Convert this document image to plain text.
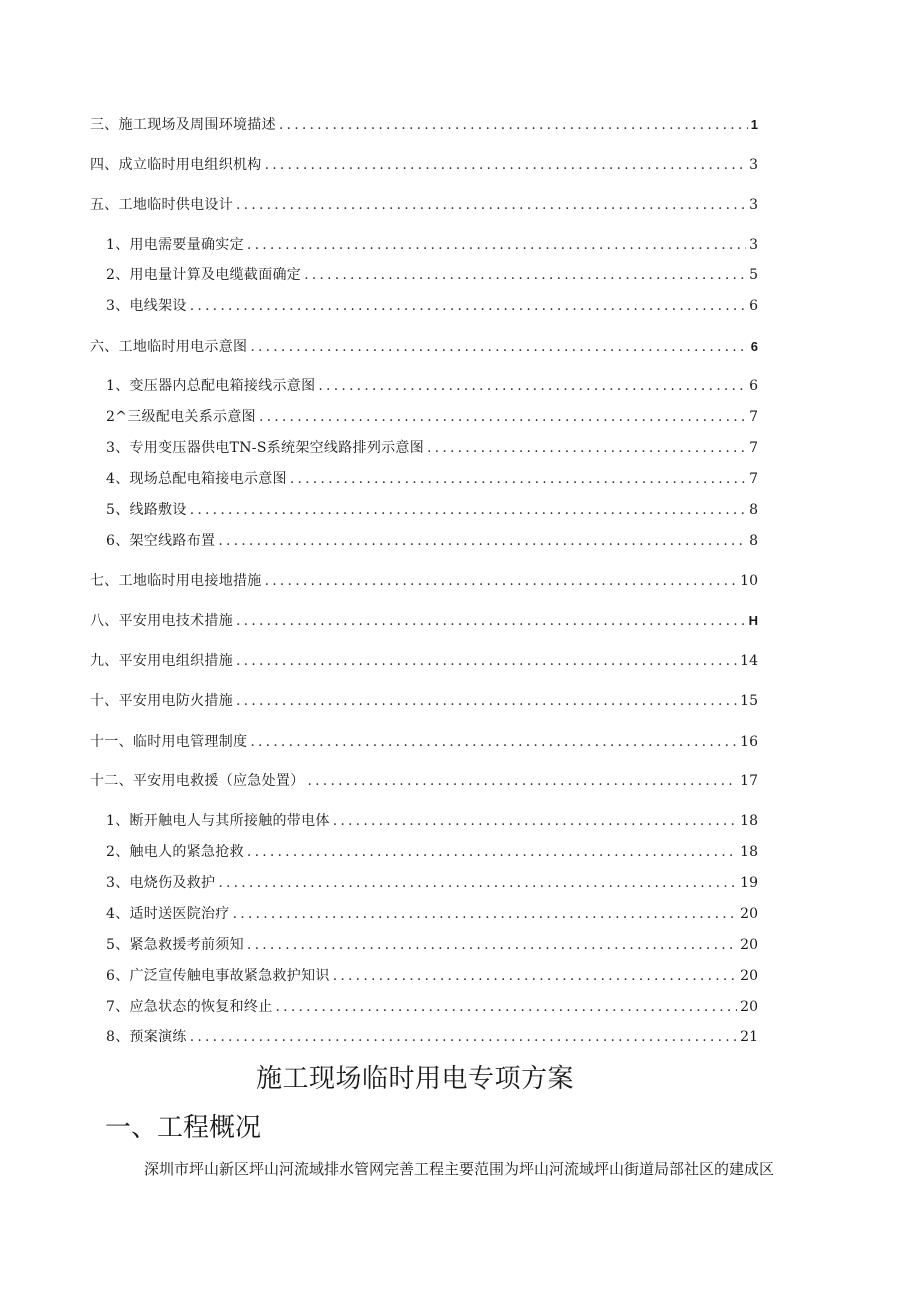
三、施工现场及周围环境描述 .....	1
四、成立临时用电组织机构 .....	3
五、工地临时供电设计 .....	3
1、用电需要量确实定 .....	3
2、用电量计算及电缆截面确定 .....	5
3、电线架设 .....	6
六、工地临时用电示意图 .....	6
1、变压器内总配电箱接线示意图 .....	6
2^三级配电关系示意图 .....	7
3、专用变压器供电TN-S系统架空线路排列示意图 .....	7
4、现场总配电箱接电示意图 .....	7
5、线路敷设 .....	8
6、架空线路布置 .....	8
七、工地临时用电接地措施 .....	10
八、平安用电技术措施 .....	H
九、平安用电组织措施 .....	14
十、平安用电防火措施 .....	15
十一、临时用电管理制度 .....	16
十二、平安用电救援（应急处置） .....	17
1、断开触电人与其所接触的带电体 .....	18
2、触电人的紧急抢救 .....	18
3、电烧伤及救护 .....	19
4、适时送医院治疗 .....	20
5、紧急救援考前须知 .....	20
6、广泛宣传触电事故紧急救护知识 .....	20
7、应急状态的恢复和终止 .....	20
8、预案演练 .....	21
施工现场临时用电专项方案
一、工程概况
深圳市坪山新区坪山河流域排水管网完善工程主要范围为坪山河流域坪山街道局部社区的建成区
